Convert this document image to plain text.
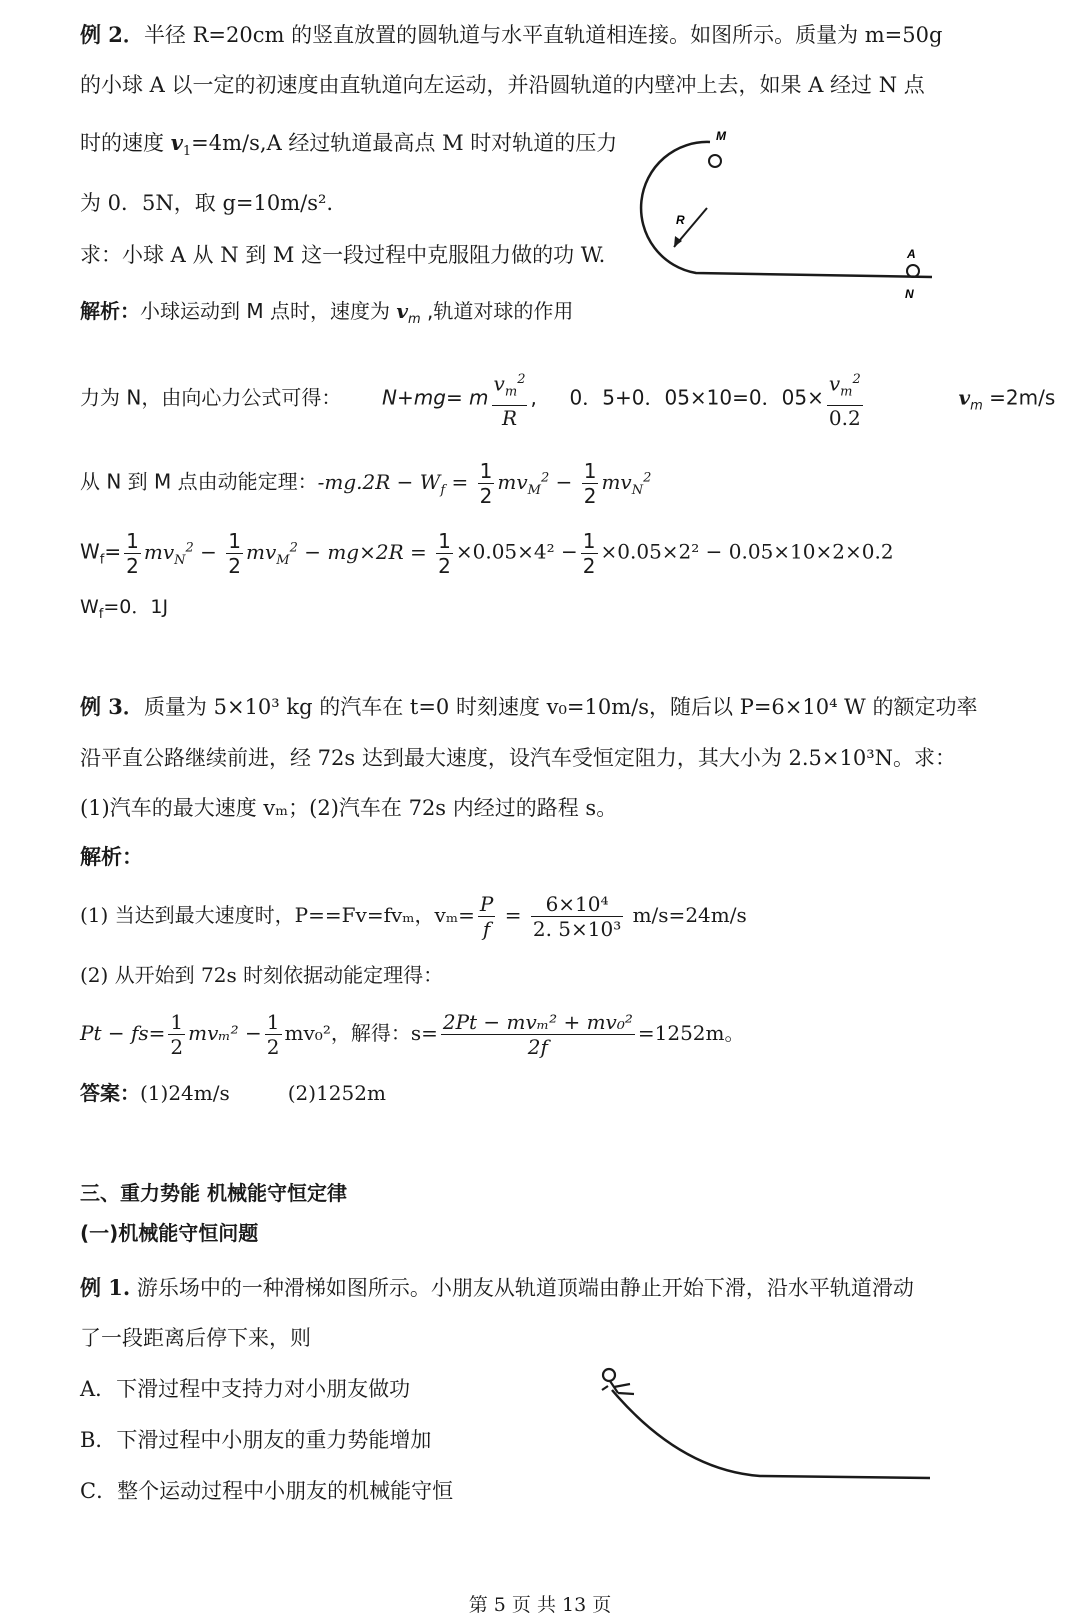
例 2．半径 R=20cm 的竖直放置的圆轨道与水平直轨道相连接。如图所示。质量为 m=50g
的小球 A 以一定的初速度由直轨道向左运动，并沿圆轨道的内壁冲上去，如果 A 经过 N 点
时的速度 $v_1=4m/s,A$ 经过轨道最高点 M 时对轨道的压力
为 0．5N，取 g=10m/s².
求：小球 A 从 N 到 M 这一段过程中克服阻力做的功 W.
解析：小球运动到 M 点时，速度为 $v_m$ ,轨道对球的作用
力为 N，由向心力公式可得： N+mg= m $\frac{v_m^2}{R}$ ,  0．5+0．05×10=0．$05\times \frac{v_m^2}{0.2}$	$v_m =2m/s$
从 N 到 M 点由动能定理：$-mg.2R - W_f = \frac{1}{2} mv_M^2 - \frac{1}{2} mv_N^2$
$W_f= \frac{1}{2} mv_N^2 - \frac{1}{2} mv_M^2 - mg\times 2R = \frac{1}{2} \times 0.05\times 4^2 - \frac{1}{2} \times 0.05\times 2^2 - 0.05\times 10\times 2\times 0.2$
$W_f=0$．1J
M
R
A
N
例 3．质量为 5×10³ kg 的汽车在 t=0 时刻速度 v₀=10m/s，随后以 P=6×10⁴ W 的额定功率
沿平直公路继续前进，经 72s 达到最大速度，设汽车受恒定阻力，其大小为 2.5×10³N。求：
(1)汽车的最大速度 vₘ；(2)汽车在 72s 内经过的路程 s。
解析：
(1) 当达到最大速度时，P==Fv=fvₘ，$v_m= \frac{P}{f} = \frac{\text{6×10⁴}}{\text{2. 5×10³}} m/s=24m/s$
(2) 从开始到 72s 时刻依据动能定理得：
$Pt - fs= \frac{1}{2} mv_m^2 - \frac{1}{2} mv_0^2$，解得：$s= \frac{\text{2Pt − mvₘ² + mv₀²}}{2f} =1252m$。
答案：(1)24m/s	(2)1252m
三、重力势能 机械能守恒定律
(一)机械能守恒问题
例 1. 游乐场中的一种滑梯如图所示。小朋友从轨道顶端由静止开始下滑，沿水平轨道滑动
了一段距离后停下来，则
A．下滑过程中支持力对小朋友做功
B．下滑过程中小朋友的重力势能增加
C．整个运动过程中小朋友的机械能守恒
第 5 页 共 13 页
